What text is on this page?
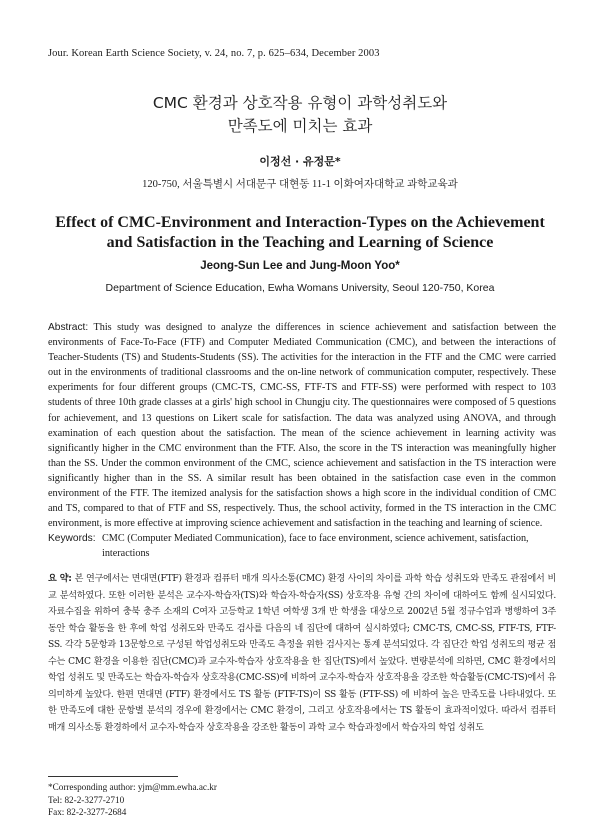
Jour. Korean Earth Science Society, v. 24, no. 7, p. 625–634, December 2003
CMC 환경과 상호작용 유형이 과학성취도와
만족도에 미치는 효과
이정선 · 유정문*
120-750, 서울특별시 서대문구 대현동 11-1 이화여자대학교 과학교육과
Effect of CMC-Environment and Interaction-Types on the Achievement
and Satisfaction in the Teaching and Learning of Science
Jeong-Sun Lee and Jung-Moon Yoo*
Department of Science Education, Ewha Womans University, Seoul 120-750, Korea
Abstract: This study was designed to analyze the differences in science achievement and satisfaction between the environments of Face-To-Face (FTF) and Computer Mediated Communication (CMC), and between the interactions of Teacher-Students (TS) and Students-Students (SS). The activities for the interaction in the FTF and the CMC were carried out in the environments of traditional classrooms and the on-line network of communication computer, respectively. These experiments for four different groups (CMC-TS, CMC-SS, FTF-TS and FTF-SS) were performed with respect to 103 students of three 10th grade classes at a girls' high school in Chungju city. The questionnaires were composed of 5 questions for achievement, and 13 questions on Likert scale for satisfaction. The data was analyzed using ANOVA, and through examination of each question about the satisfaction. The mean of the science achievement in learning activity was significantly higher in the CMC environment than the FTF. Also, the score in the TS interaction was meaningfully higher than the SS. Under the common environment of the CMC, science achievement and satisfaction in the TS interaction were significantly higher than in the SS. A similar result has been obtained in the satisfaction case even in the common environment of the FTF. The itemized analysis for the satisfaction shows a high score in the individual condition of CMC and TS, compared to that of FTF and SS, respectively. Thus, the school activity, formed in the TS interaction in the CMC environment, is more effective at improving science achievement and satisfaction in the teaching and learning of science.
Keywords: CMC (Computer Mediated Communication), face to face environment, science achivement, satisfaction, interactions
요 약: 본 연구에서는 면대면(FTF) 환경과 컴퓨터 매개 의사소통(CMC) 환경 사이의 차이를 과학 학습 성취도와 만족도 관점에서 비교 분석하였다. 또한 이러한 분석은 교수자-학습자(TS)와 학습자-학습자(SS) 상호작용 유형 간의 차이에 대하여도 함께 실시되었다. 자료수집을 위하여 충북 충주 소재의 C여자 고등학교 1학년 여학생 3개 반 학생을 대상으로 2002년 5월 정규수업과 병행하여 3주 동안 학습 활동을 한 후에 학업 성취도와 만족도 검사를 다음의 네 집단에 대하여 실시하였다; CMC-TS, CMC-SS, FTF-TS, FTF-SS. 각각 5문항과 13문항으로 구성된 학업성취도와 만족도 측정을 위한 검사지는 통계 분석되었다. 각 집단간 학업 성취도의 평균 점수는 CMC 환경을 이용한 집단(CMC)과 교수자-학습자 상호작용을 한 집단(TS)에서 높았다. 변량분석에 의하면, CMC 환경에서의 학업 성취도 및 만족도는 학습자-학습자 상호작용(CMC-SS)에 비하여 교수자-학습자 상호작용을 강조한 학습활동(CMC-TS)에서 유의미하게 높았다. 한편 면대면 (FTF) 환경에서도 TS 활동 (FTF-TS)이 SS 활동 (FTF-SS) 에 비하여 높은 만족도를 나타내었다. 또한 만족도에 대한 문항별 분석의 경우에 환경에서는 CMC 환경이, 그리고 상호작용에서는 TS 활동이 효과적이었다. 따라서 컴퓨터 매개 의사소통 환경하에서 교수자-학습자 상호작용을 강조한 활동이 과학 교수 학습과정에서 학습자의 학업 성취도
*Corresponding author: yjm@mm.ewha.ac.kr
Tel: 82-2-3277-2710
Fax: 82-2-3277-2684
